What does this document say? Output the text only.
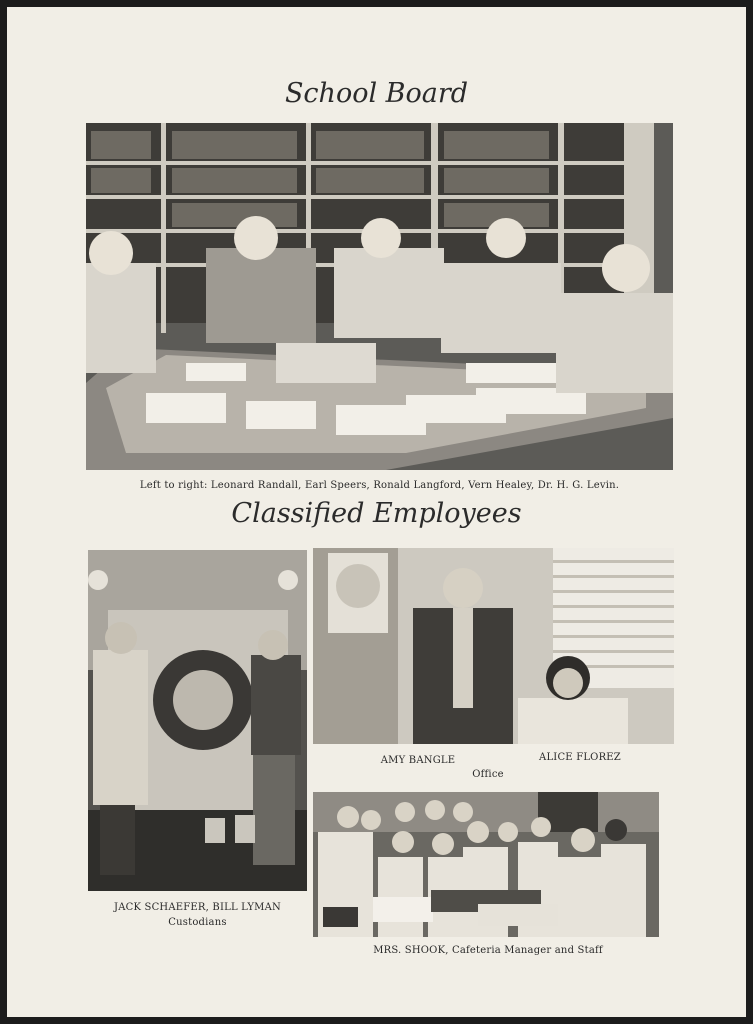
School Board
Left to right: Leonard Randall, Earl Speers, Ronald Langford, Vern Healey, Dr. H. G. Levin.
Classified Employees
JACK SCHAEFER, BILL LYMAN
Custodians
AMY BANGLE	ALICE FLOREZ
Office
MRS. SHOOK, Cafeteria Manager and Staff
